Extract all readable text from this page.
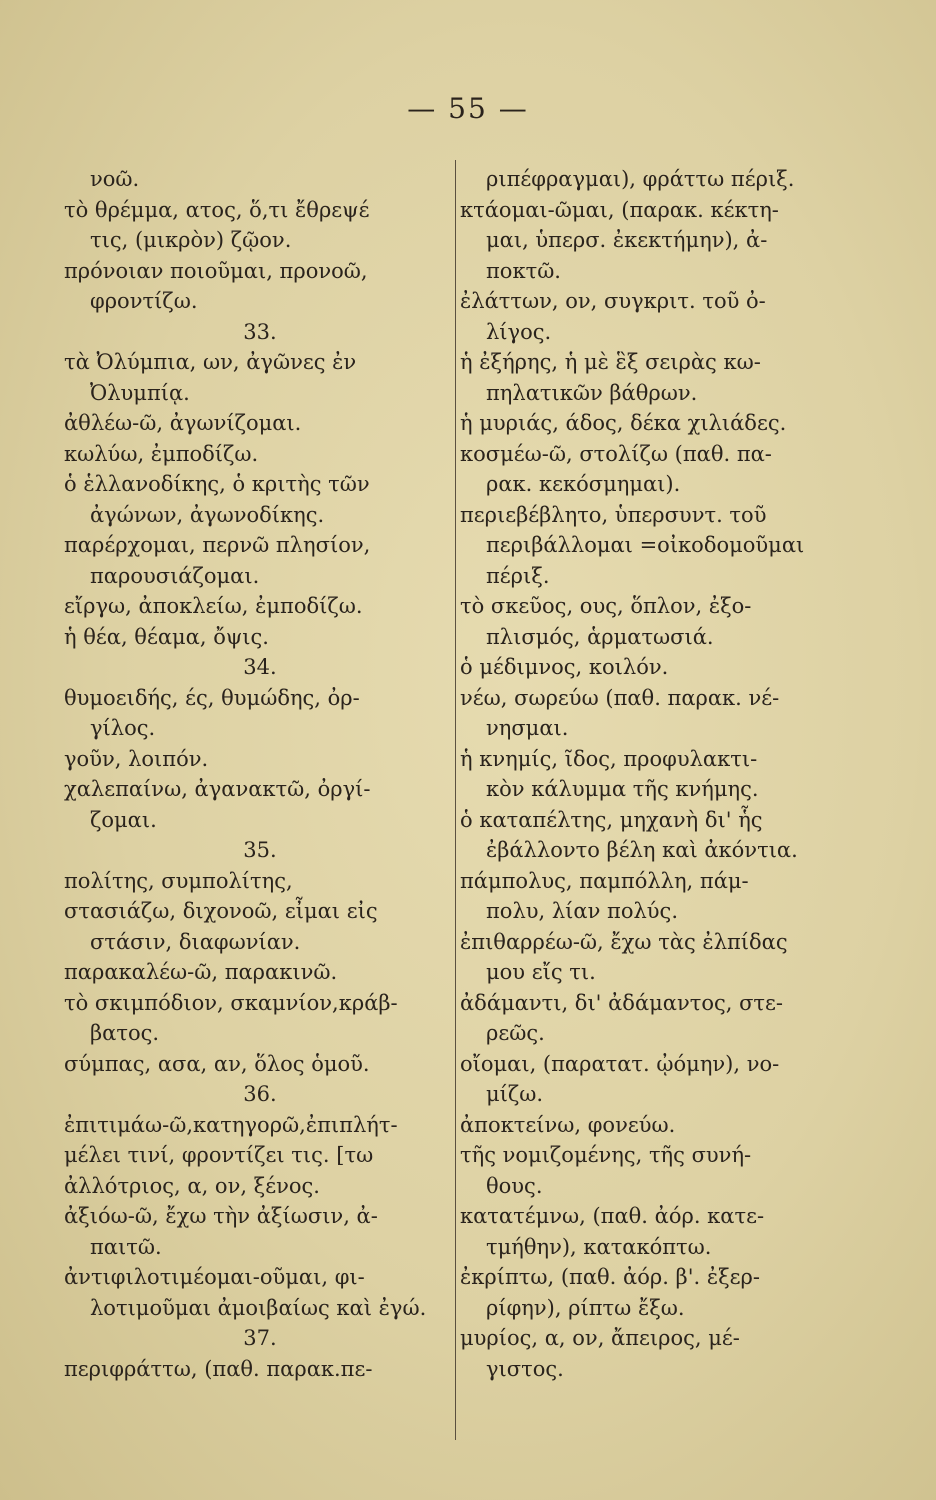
— 55 —
νοῶ.
τὸ θρέμμα, ατος, ὅ,τι ἔθρεψέ
τις, (μικρὸν) ζῷον.
πρόνοιαν ποιοῦμαι, προνοῶ,
φροντίζω.
33.
τὰ Ὀλύμπια, ων, ἀγῶνες ἐν
Ὀλυμπίᾳ.
ἀθλέω-ῶ, ἀγωνίζομαι.
κωλύω, ἐμποδίζω.
ὁ ἑλλανοδίκης, ὁ κριτὴς τῶν
ἀγώνων, ἀγωνοδίκης.
παρέρχομαι, περνῶ πλησίον,
παρουσιάζομαι.
εἴργω, ἀποκλείω, ἐμποδίζω.
ἡ θέα, θέαμα, ὄψις.
34.
θυμοειδής, ές, θυμώδης, ὀρ-
γίλος.
γοῦν, λοιπόν.
χαλεπαίνω, ἀγανακτῶ, ὀργί-
ζομαι.
35.
πολίτης, συμπολίτης,
στασιάζω, διχονοῶ, εἶμαι εἰς
στάσιν, διαφωνίαν.
παρακαλέω-ῶ, παρακινῶ.
τὸ σκιμπόδιον, σκαμνίον,κράβ-
βατος.
σύμπας, ασα, αν, ὅλος ὁμοῦ.
36.
ἐπιτιμάω-ῶ,κατηγορῶ,ἐπιπλήτ-
μέλει τινί, φροντίζει τις. [τω
ἀλλότριος, α, ον, ξένος.
ἀξιόω-ῶ, ἔχω τὴν ἀξίωσιν, ἀ-
παιτῶ.
ἀντιφιλοτιμέομαι-οῦμαι, φι-
λοτιμοῦμαι ἀμοιβαίως καὶ ἐγώ.
37.
περιφράττω, (παθ. παρακ.πε-
ριπέφραγμαι), φράττω πέριξ.
κτάομαι-ῶμαι, (παρακ. κέκτη-
μαι, ὑπερσ. ἐκεκτήμην), ἀ-
ποκτῶ.
ἐλάττων, ον, συγκριτ. τοῦ ὀ-
λίγος.
ἡ ἐξήρης, ἡ μὲ ἓξ σειρὰς κω-
πηλατικῶν βάθρων.
ἡ μυριάς, άδος, δέκα χιλιάδες.
κοσμέω-ῶ, στολίζω (παθ. πα-
ρακ. κεκόσμημαι).
περιεβέβλητο, ὑπερσυντ. τοῦ
περιβάλλομαι =οἰκοδομοῦμαι
πέριξ.
τὸ σκεῦος, ους, ὅπλον, ἐξο-
πλισμός, ἁρματωσιά.
ὁ μέδιμνος, κοιλόν.
νέω, σωρεύω (παθ. παρακ. νέ-
νησμαι.
ἡ κνημίς, ῖδος, προφυλακτι-
κὸν κάλυμμα τῆς κνήμης.
ὁ καταπέλτης, μηχανὴ δι' ἧς
ἐβάλλοντο βέλη καὶ ἀκόντια.
πάμπολυς, παμπόλλη, πάμ-
πολυ, λίαν πολύς.
ἐπιθαρρέω-ῶ, ἔχω τὰς ἐλπίδας
μου εἴς τι.
ἀδάμαντι, δι' ἀδάμαντος, στε-
ρεῶς.
οἴομαι, (παρατατ. ᾠόμην), νο-
μίζω.
ἀποκτείνω, φονεύω.
τῆς νομιζομένης, τῆς συνή-
θους.
κατατέμνω, (παθ. ἀόρ. κατε-
τμήθην), κατακόπτω.
ἐκρίπτω, (παθ. ἀόρ. β'. ἐξερ-
ρίφην), ρίπτω ἔξω.
μυρίος, α, ον, ἄπειρος, μέ-
γιστος.
